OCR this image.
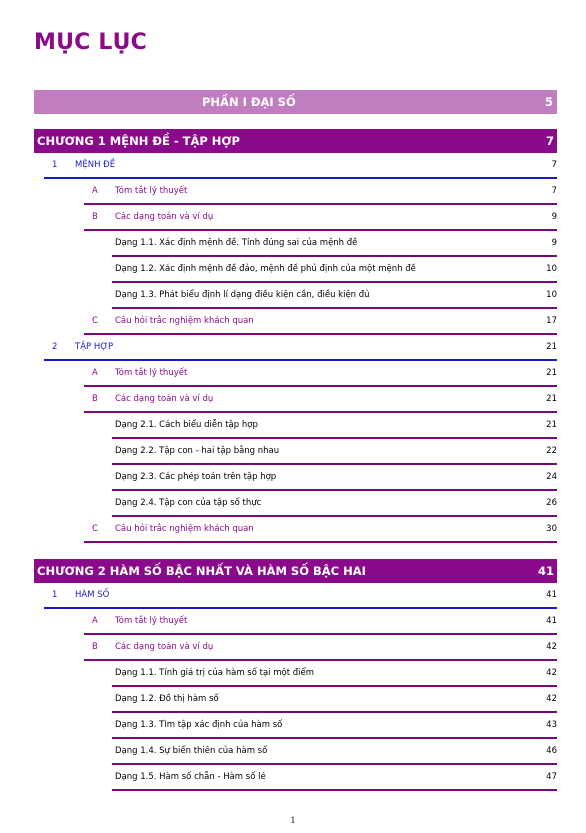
MỤC LỤC
PHẦN I ĐẠI SỐ	5
CHƯƠNG 1 MỆNH ĐỀ - TẬP HỢP	7
1 MỆNH ĐỀ	7
A Tóm tắt lý thuyết	7
B Các dạng toán và ví dụ	9
Dạng 1.1. Xác định mệnh đề. Tính đúng sai của mệnh đề	9
Dạng 1.2. Xác định mệnh đề đảo, mệnh đề phủ định của một mệnh đề	10
Dạng 1.3. Phát biểu định lí dạng điều kiện cần, điều kiện đủ	10
C Câu hỏi trắc nghiệm khách quan	17
2 TẬP HỢP	21
A Tóm tắt lý thuyết	21
B Các dạng toán và ví dụ	21
Dạng 2.1. Cách biểu diễn tập hợp	21
Dạng 2.2. Tập con - hai tập bằng nhau	22
Dạng 2.3. Các phép toán trên tập hợp	24
Dạng 2.4. Tập con của tập số thực	26
C Câu hỏi trắc nghiệm khách quan	30
CHƯƠNG 2 HÀM SỐ BẬC NHẤT VÀ HÀM SỐ BẬC HAI	41
1 HÀM SỐ	41
A Tóm tắt lý thuyết	41
B Các dạng toán và ví dụ	42
Dạng 1.1. Tính giá trị của hàm số tại một điểm	42
Dạng 1.2. Đồ thị hàm số	42
Dạng 1.3. Tìm tập xác định của hàm số	43
Dạng 1.4. Sự biến thiên của hàm số	46
Dạng 1.5. Hàm số chẵn - Hàm số lé	47
1
